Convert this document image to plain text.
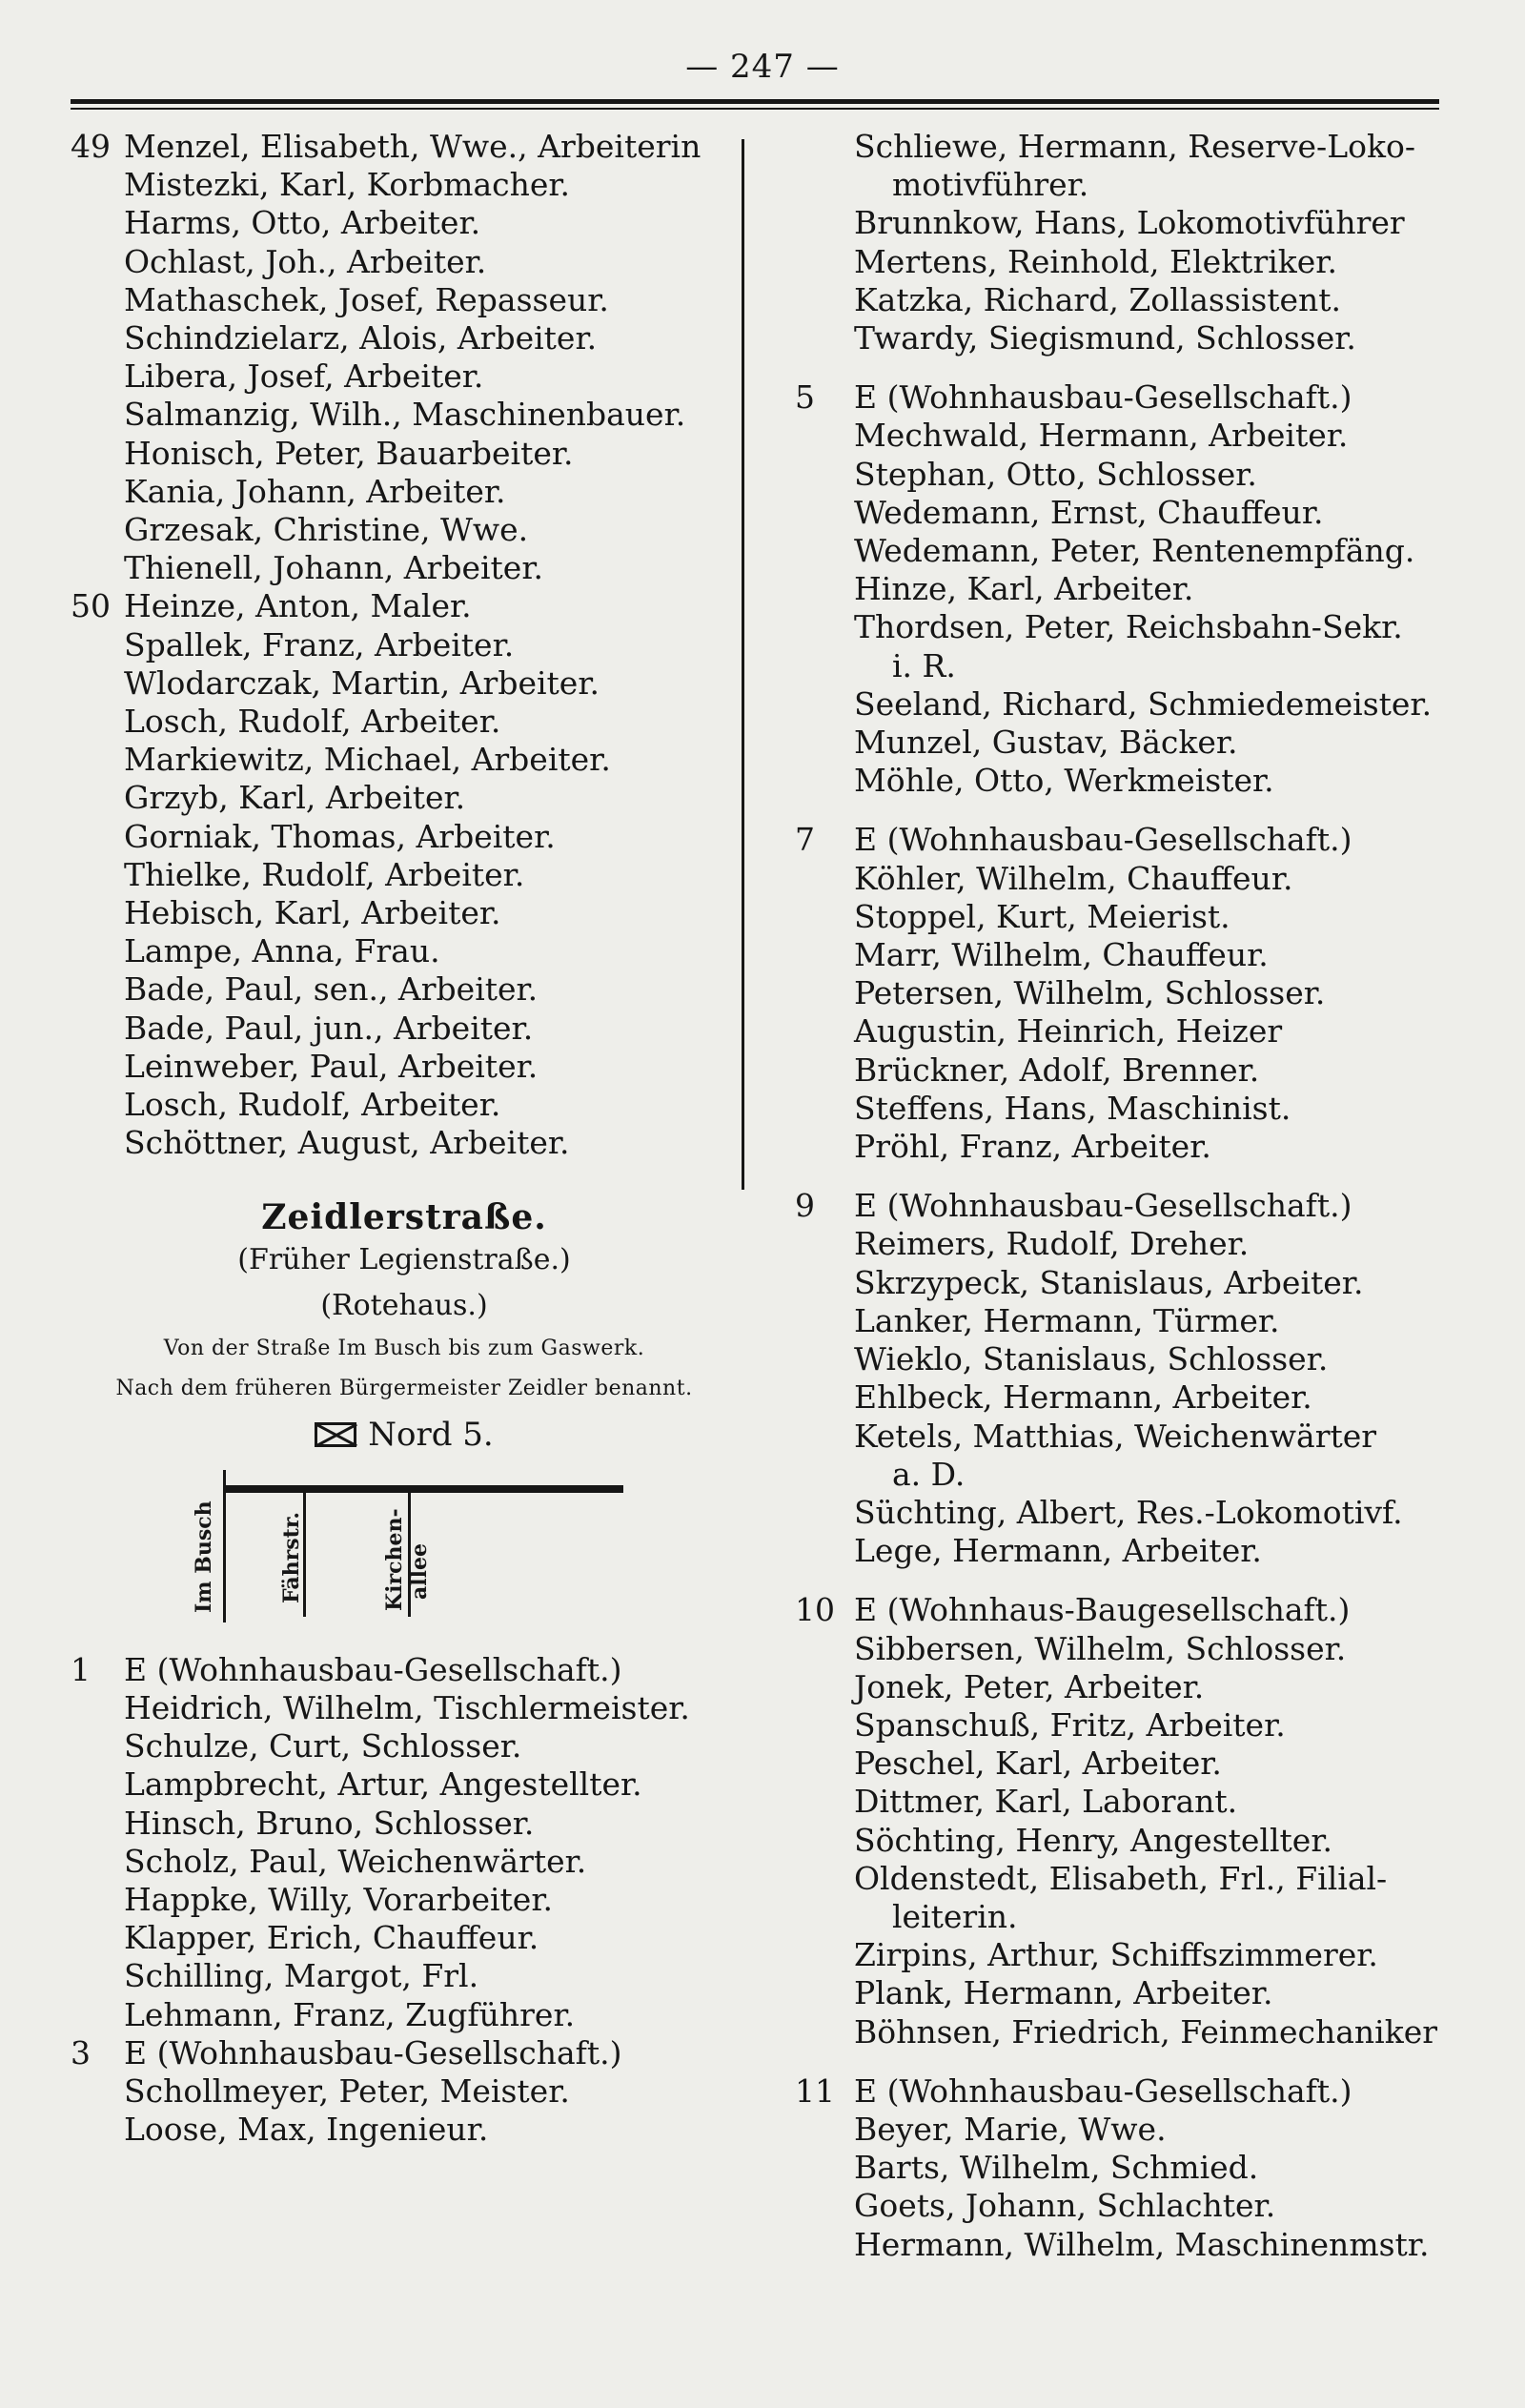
— 247 —
49 Menzel, Elisabeth, Wwe., Arbeiterin
Mistezki, Karl, Korbmacher.
Harms, Otto, Arbeiter.
Ochlast, Joh., Arbeiter.
Mathaschek, Josef, Repasseur.
Schindzielarz, Alois, Arbeiter.
Libera, Josef, Arbeiter.
Salmanzig, Wilh., Maschinenbauer.
Honisch, Peter, Bauarbeiter.
Kania, Johann, Arbeiter.
Grzesak, Christine, Wwe.
Thienell, Johann, Arbeiter.
50 Heinze, Anton, Maler.
Spallek, Franz, Arbeiter.
Wlodarczak, Martin, Arbeiter.
Losch, Rudolf, Arbeiter.
Markiewitz, Michael, Arbeiter.
Grzyb, Karl, Arbeiter.
Gorniak, Thomas, Arbeiter.
Thielke, Rudolf, Arbeiter.
Hebisch, Karl, Arbeiter.
Lampe, Anna, Frau.
Bade, Paul, sen., Arbeiter.
Bade, Paul, jun., Arbeiter.
Leinweber, Paul, Arbeiter.
Losch, Rudolf, Arbeiter.
Schöttner, August, Arbeiter.
Zeidlerstraße.
(Früher Legienstraße.)
(Rotehaus.)
Von der Straße Im Busch bis zum Gaswerk.
Nach dem früheren Bürgermeister Zeidler benannt.
Nord 5.
Im Busch	Fährstr.	Kirchen- allee
1	E (Wohnhausbau-Gesellschaft.)
Heidrich, Wilhelm, Tischlermeister.
Schulze, Curt, Schlosser.
Lampbrecht, Artur, Angestellter.
Hinsch, Bruno, Schlosser.
Scholz, Paul, Weichenwärter.
Happke, Willy, Vorarbeiter.
Klapper, Erich, Chauffeur.
Schilling, Margot, Frl.
Lehmann, Franz, Zugführer.
3	E (Wohnhausbau-Gesellschaft.)
Schollmeyer, Peter, Meister.
Loose, Max, Ingenieur.
Schliewe, Hermann, Reserve-Loko-
motivführer.
Brunnkow, Hans, Lokomotivführer
Mertens, Reinhold, Elektriker.
Katzka, Richard, Zollassistent.
Twardy, Siegismund, Schlosser.
5	E (Wohnhausbau-Gesellschaft.)
Mechwald, Hermann, Arbeiter.
Stephan, Otto, Schlosser.
Wedemann, Ernst, Chauffeur.
Wedemann, Peter, Rentenempfäng.
Hinze, Karl, Arbeiter.
Thordsen, Peter, Reichsbahn-Sekr.
i. R.
Seeland, Richard, Schmiedemeister.
Munzel, Gustav, Bäcker.
Möhle, Otto, Werkmeister.
7	E (Wohnhausbau-Gesellschaft.)
Köhler, Wilhelm, Chauffeur.
Stoppel, Kurt, Meierist.
Marr, Wilhelm, Chauffeur.
Petersen, Wilhelm, Schlosser.
Augustin, Heinrich, Heizer
Brückner, Adolf, Brenner.
Steffens, Hans, Maschinist.
Pröhl, Franz, Arbeiter.
9	E (Wohnhausbau-Gesellschaft.)
Reimers, Rudolf, Dreher.
Skrzypeck, Stanislaus, Arbeiter.
Lanker, Hermann, Türmer.
Wieklo, Stanislaus, Schlosser.
Ehlbeck, Hermann, Arbeiter.
Ketels, Matthias, Weichenwärter
a. D.
Süchting, Albert, Res.-Lokomotivf.
Lege, Hermann, Arbeiter.
10 E (Wohnhaus-Baugesellschaft.)
Sibbersen, Wilhelm, Schlosser.
Jonek, Peter, Arbeiter.
Spanschuß, Fritz, Arbeiter.
Peschel, Karl, Arbeiter.
Dittmer, Karl, Laborant.
Söchting, Henry, Angestellter.
Oldenstedt, Elisabeth, Frl., Filial-
leiterin.
Zirpins, Arthur, Schiffszimmerer.
Plank, Hermann, Arbeiter.
Böhnsen, Friedrich, Feinmechaniker
11 E (Wohnhausbau-Gesellschaft.)
Beyer, Marie, Wwe.
Barts, Wilhelm, Schmied.
Goets, Johann, Schlachter.
Hermann, Wilhelm, Maschinenmstr.
